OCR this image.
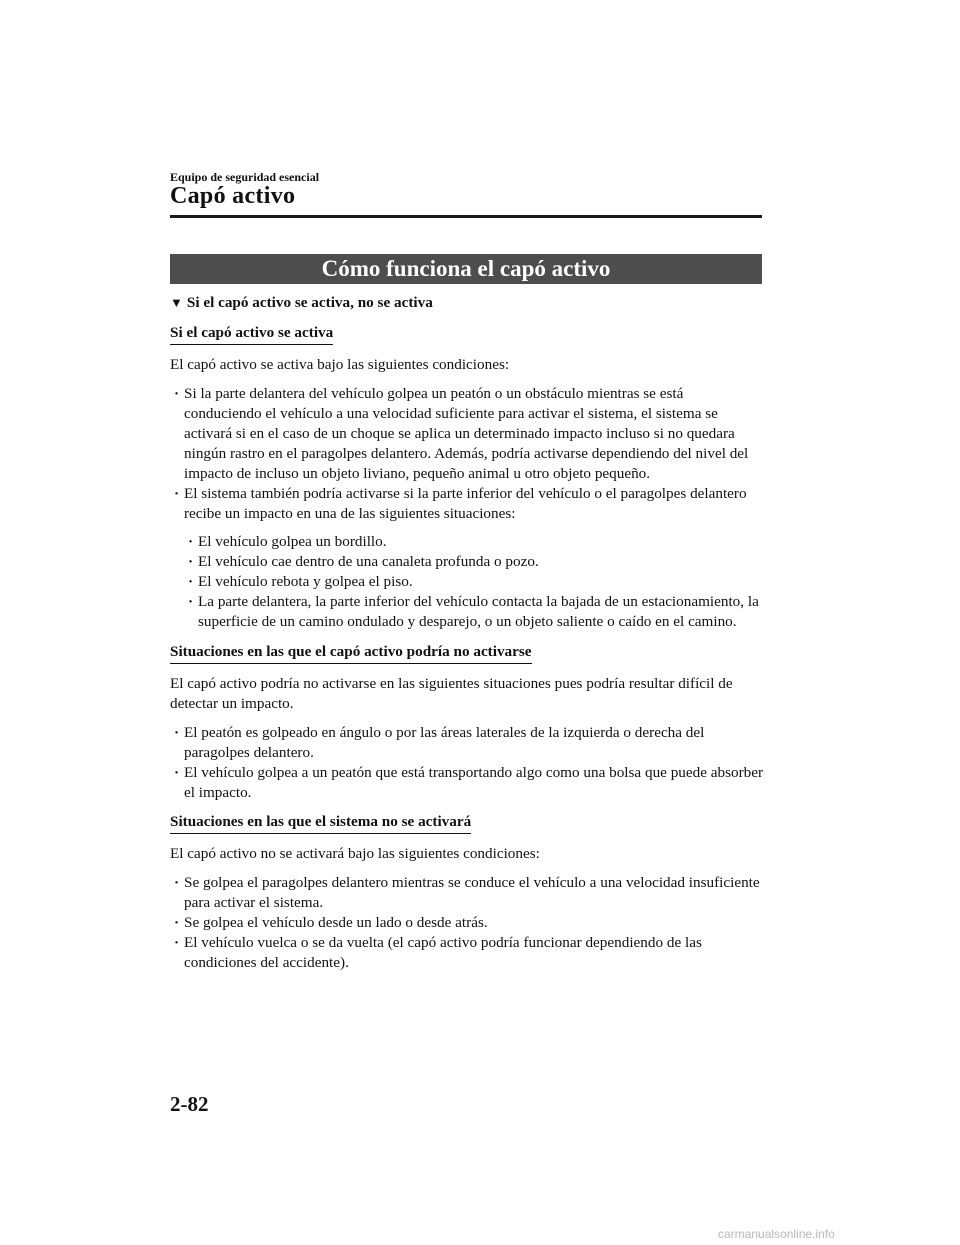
Equipo de seguridad esencial
Capó activo
Cómo funciona el capó activo
▼ Si el capó activo se activa, no se activa
Si el capó activo se activa

El capó activo se activa bajo las siguientes condiciones:

· Si la parte delantera del vehículo golpea un peatón o un obstáculo mientras se está conduciendo el vehículo a una velocidad suficiente para activar el sistema, el sistema se activará si en el caso de un choque se aplica un determinado impacto incluso si no quedara ningún rastro en el paragolpes delantero. Además, podría activarse dependiendo del nivel del impacto de incluso un objeto liviano, pequeño animal u otro objeto pequeño.
· El sistema también podría activarse si la parte inferior del vehículo o el paragolpes delantero recibe un impacto en una de las siguientes situaciones:
· El vehículo golpea un bordillo.
· El vehículo cae dentro de una canaleta profunda o pozo.
· El vehículo rebota y golpea el piso.
· La parte delantera, la parte inferior del vehículo contacta la bajada de un estacionamiento, la superficie de un camino ondulado y desparejo, o un objeto saliente o caído en el camino.
Situaciones en las que el capó activo podría no activarse

El capó activo podría no activarse en las siguientes situaciones pues podría resultar difícil de detectar un impacto.

· El peatón es golpeado en ángulo o por las áreas laterales de la izquierda o derecha del paragolpes delantero.
· El vehículo golpea a un peatón que está transportando algo como una bolsa que puede absorber el impacto.
Situaciones en las que el sistema no se activará

El capó activo no se activará bajo las siguientes condiciones:

· Se golpea el paragolpes delantero mientras se conduce el vehículo a una velocidad insuficiente para activar el sistema.
· Se golpea el vehículo desde un lado o desde atrás.
· El vehículo vuelca o se da vuelta (el capó activo podría funcionar dependiendo de las condiciones del accidente).
2-82
carmanualsonline.info
